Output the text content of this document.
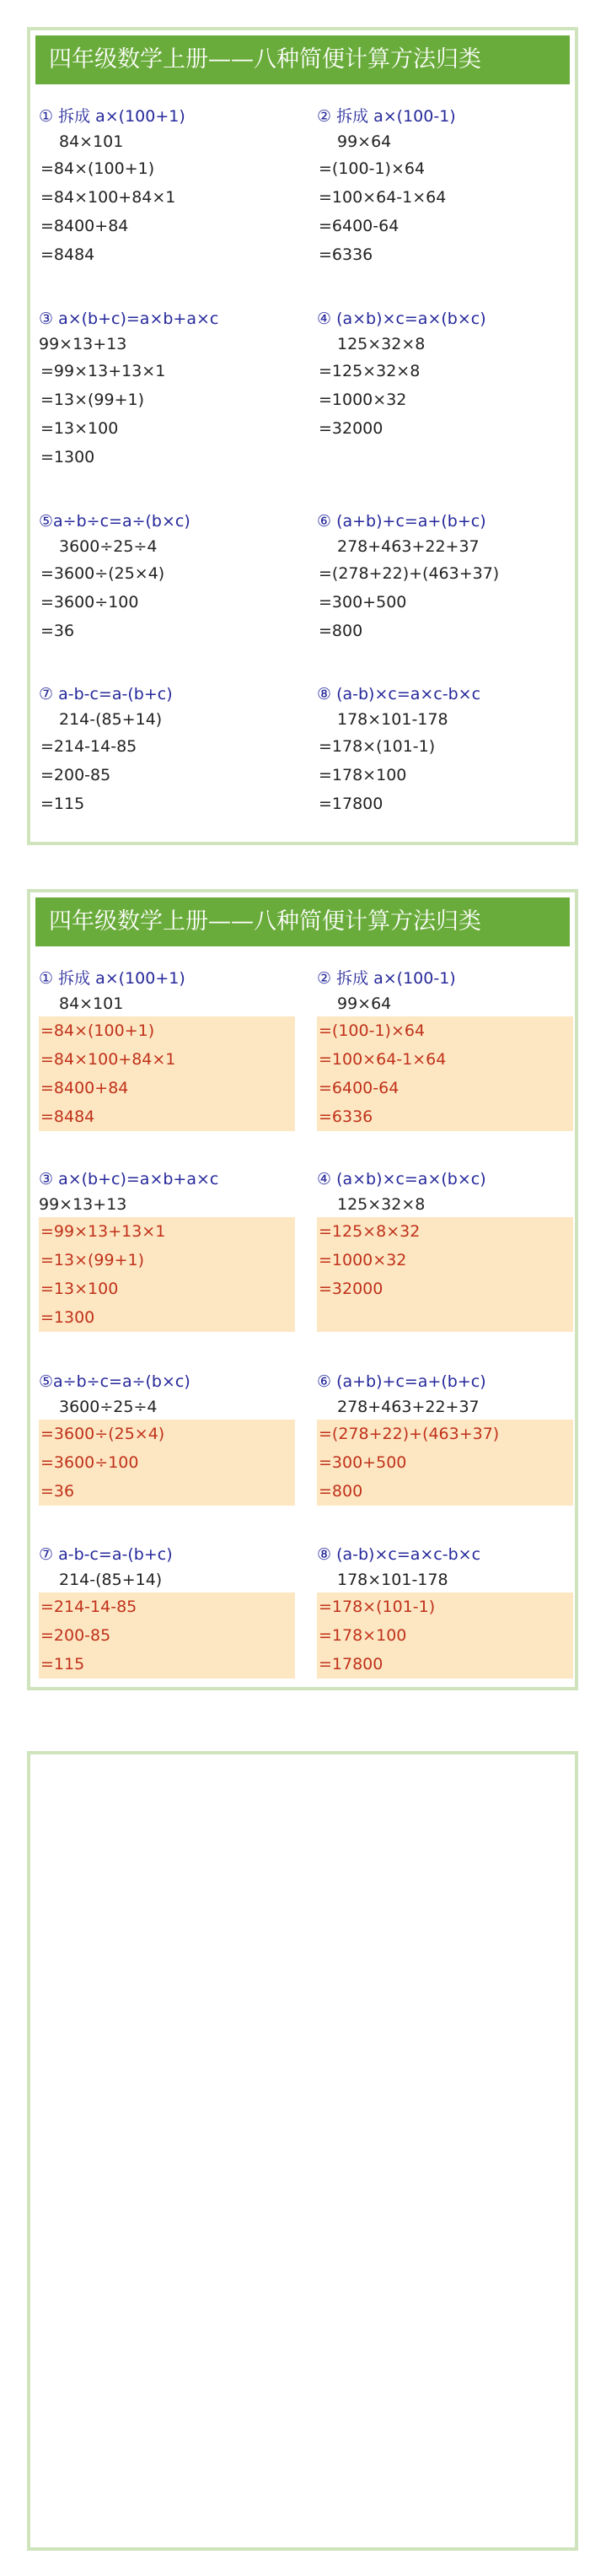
四年级数学上册——八种简便计算方法归类
① 拆成 a×(100+1)
84×101
=84×(100+1)
=84×100+84×1
=8400+84
=8484
② 拆成 a×(100-1)
99×64
=(100-1)×64
=100×64-1×64
=6400-64
=6336
③ a×(b+c)=a×b+a×c
99×13+13
=99×13+13×1
=13×(99+1)
=13×100
=1300
④ (a×b)×c=a×(b×c)
125×32×8
=125×32×8
=1000×32
=32000
⑤a÷b÷c=a÷(b×c)
3600÷25÷4
=3600÷(25×4)
=3600÷100
=36
⑥ (a+b)+c=a+(b+c)
278+463+22+37
=(278+22)+(463+37)
=300+500
=800
⑦ a-b-c=a-(b+c)
214-(85+14)
=214-14-85
=200-85
=115
⑧ (a-b)×c=a×c-b×c
178×101-178
=178×(101-1)
=178×100
=17800
四年级数学上册——八种简便计算方法归类
① 拆成 a×(100+1)
84×101
=84×(100+1)
=84×100+84×1
=8400+84
=8484
② 拆成 a×(100-1)
99×64
=(100-1)×64
=100×64-1×64
=6400-64
=6336
③ a×(b+c)=a×b+a×c
99×13+13
=99×13+13×1
=13×(99+1)
=13×100
=1300
④ (a×b)×c=a×(b×c)
125×32×8
=125×8×32
=1000×32
=32000
⑤a÷b÷c=a÷(b×c)
3600÷25÷4
=3600÷(25×4)
=3600÷100
=36
⑥ (a+b)+c=a+(b+c)
278+463+22+37
=(278+22)+(463+37)
=300+500
=800
⑦ a-b-c=a-(b+c)
214-(85+14)
=214-14-85
=200-85
=115
⑧ (a-b)×c=a×c-b×c
178×101-178
=178×(101-1)
=178×100
=17800
